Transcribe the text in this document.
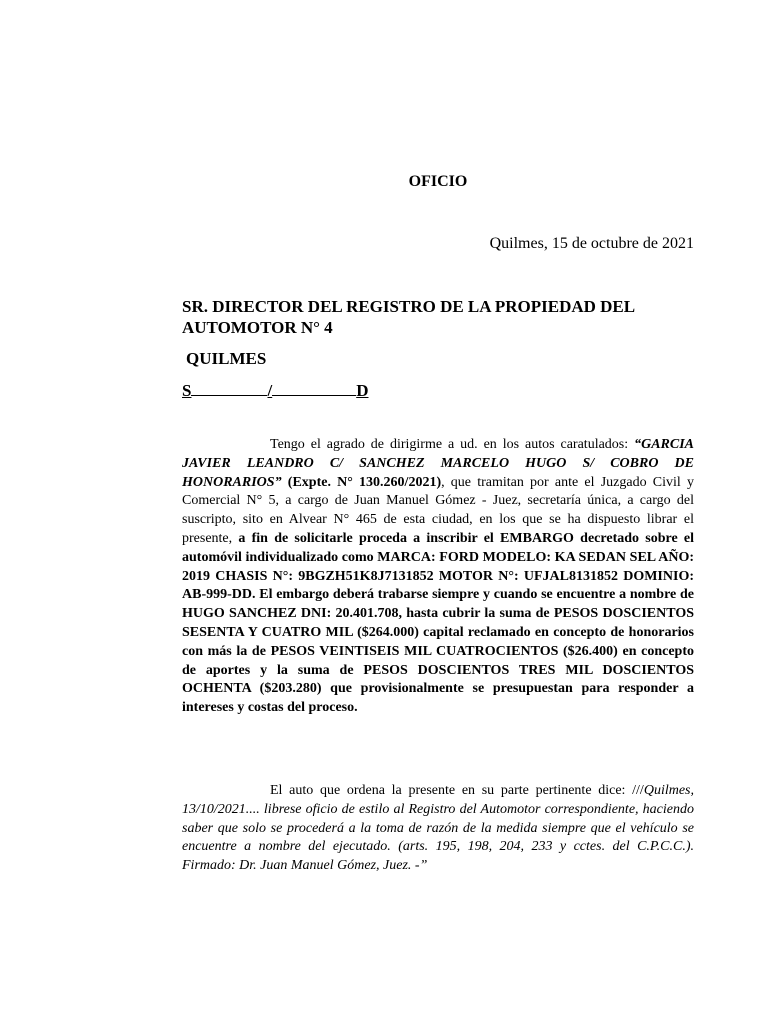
OFICIO
Quilmes, 15 de octubre de 2021
SR. DIRECTOR DEL REGISTRO DE LA PROPIEDAD DEL AUTOMOTOR N° 4
QUILMES
S	/	D
Tengo el agrado de dirigirme a ud. en los autos caratulados: “GARCIA JAVIER LEANDRO C/ SANCHEZ MARCELO HUGO S/ COBRO DE HONORARIOS” (Expte. N° 130.260/2021), que tramitan por ante el Juzgado Civil y Comercial N° 5, a cargo de Juan Manuel Gómez - Juez, secretaría única, a cargo del suscripto, sito en Alvear N° 465 de esta ciudad, en los que se ha dispuesto librar el presente, a fin de solicitarle proceda a inscribir el EMBARGO decretado sobre el automóvil individualizado como MARCA: FORD MODELO: KA SEDAN SEL AÑO: 2019 CHASIS N°: 9BGZH51K8J7131852 MOTOR N°: UFJAL8131852 DOMINIO: AB-999-DD. El embargo deberá trabarse siempre y cuando se encuentre a nombre de HUGO SANCHEZ DNI: 20.401.708, hasta cubrir la suma de PESOS DOSCIENTOS SESENTA Y CUATRO MIL ($264.000) capital reclamado en concepto de honorarios con más la de PESOS VEINTISEIS MIL CUATROCIENTOS ($26.400) en concepto de aportes y la suma de PESOS DOSCIENTOS TRES MIL DOSCIENTOS OCHENTA ($203.280) que provisionalmente se presupuestan para responder a intereses y costas del proceso.
El auto que ordena la presente en su parte pertinente dice: ///Quilmes, 13/10/2021.... librese oficio de estilo al Registro del Automotor correspondiente, haciendo saber que solo se procederá a la toma de razón de la medida siempre que el vehículo se encuentre a nombre del ejecutado. (arts. 195, 198, 204, 233 y cctes. del C.P.C.C.). Firmado: Dr. Juan Manuel Gómez, Juez. -”
